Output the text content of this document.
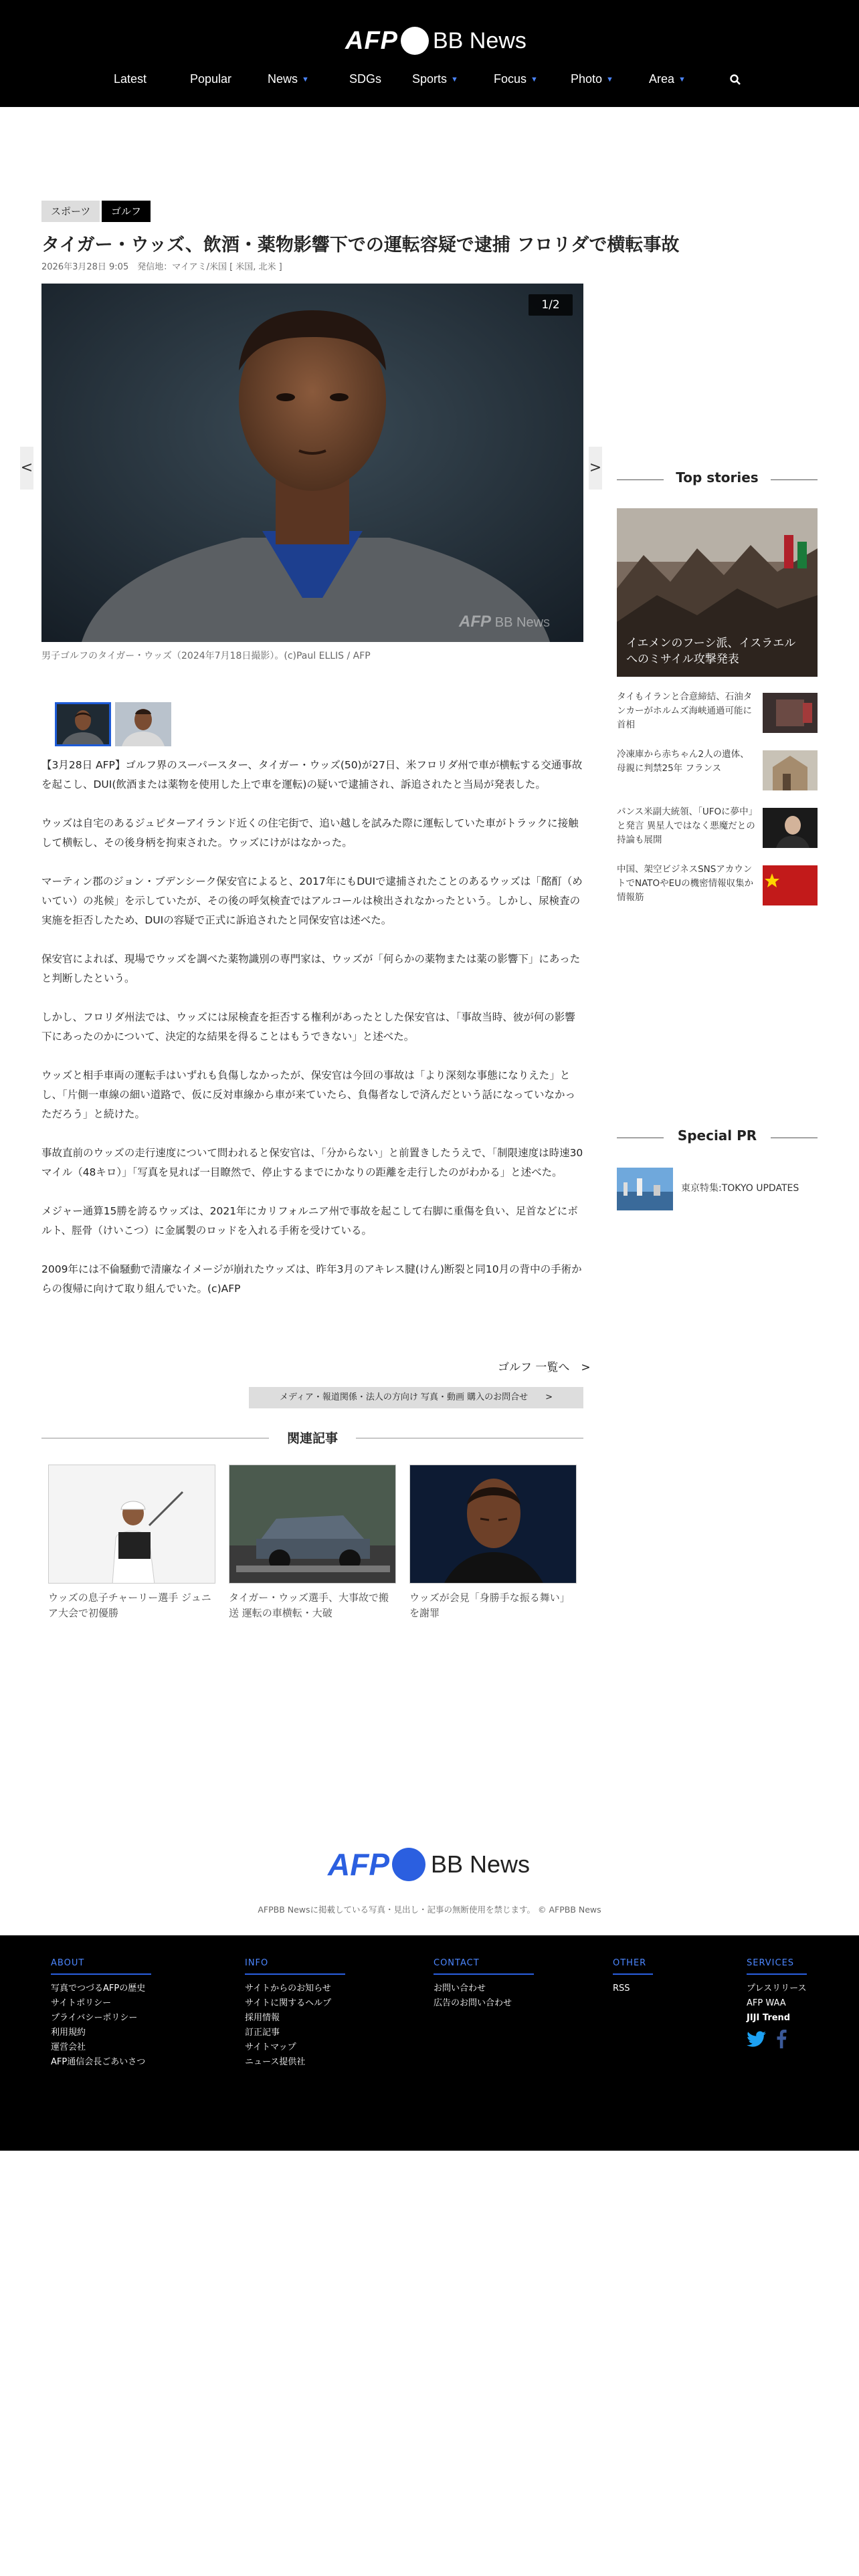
AFP BB News
Latest	Popular	News ▼	SDGs	Sports ▼	Focus ▼	Photo ▼	Area ▼
スポーツ	ゴルフ
タイガー・ウッズ、飲酒・薬物影響下での運転容疑で逮捕 フロリダで横転事故
2026年3月28日 9:05　発信地：マイアミ/米国 [ 米国, 北米 ]
1/2
AFP BB News
<	>
男子ゴルフのタイガー・ウッズ（2024年7月18日撮影）。(c)Paul ELLIS / AFP

【3月28日 AFP】ゴルフ界のスーパースター、タイガー・ウッズ(50)が27日、米フロリダ州で車が横転する交通事故を起こし、DUI(飲酒または薬物を使用した上で車を運転)の疑いで逮捕され、訴追されたと当局が発表した。

ウッズは自宅のあるジュピターアイランド近くの住宅街で、追い越しを試みた際に運転していた車がトラックに接触して横転し、その後身柄を拘束された。ウッズにけがはなかった。

マーティン郡のジョン・ブデンシーク保安官によると、2017年にもDUIで逮捕されたことのあるウッズは「酩酊（めいてい）の兆候」を示していたが、その後の呼気検査ではアルコールは検出されなかったという。しかし、尿検査の実施を拒否したため、DUIの容疑で正式に訴追されたと同保安官は述べた。

保安官によれば、現場でウッズを調べた薬物識別の専門家は、ウッズが「何らかの薬物または薬の影響下」にあったと判断したという。

しかし、フロリダ州法では、ウッズには尿検査を拒否する権利があったとした保安官は、「事故当時、彼が何の影響下にあったのかについて、決定的な結果を得ることはもうできない」と述べた。

ウッズと相手車両の運転手はいずれも負傷しなかったが、保安官は今回の事故は「より深刻な事態になりえた」とし、「片側一車線の細い道路で、仮に反対車線から車が来ていたら、負傷者なしで済んだという話になっていなかっただろう」と続けた。

事故直前のウッズの走行速度について問われると保安官は、「分からない」と前置きしたうえで、「制限速度は時速30マイル（48キロ）」「写真を見れば一目瞭然で、停止するまでにかなりの距離を走行したのがわかる」と述べた。

メジャー通算15勝を誇るウッズは、2021年にカリフォルニア州で事故を起こして右脚に重傷を負い、足首などにボルト、脛骨（けいこつ）に金属製のロッドを入れる手術を受けている。

2009年には不倫騒動で清廉なイメージが崩れたウッズは、昨年3月のアキレス腱(けん)断裂と同10月の背中の手術からの復帰に向けて取り組んでいた。(c)AFP

ゴルフ 一覧へ　>
メディア・報道関係・法人の方向け 写真・動画 購入のお問合せ　　>
関連記事
ウッズの息子チャーリー選手 ジュニア大会で初優勝
タイガー・ウッズ選手、大事故で搬送 運転の車横転・大破
ウッズが会見「身勝手な振る舞い」を謝罪
Top stories
イエメンのフーシ派、イスラエルへのミサイル攻撃発表
タイもイランと合意締結、石油タンカーがホルムズ海峡通過可能に 首相
冷凍庫から赤ちゃん2人の遺体、母親に判禁25年 フランス
パンス米副大統領、「UFOに夢中」と発言 異星人ではなく悪魔だとの持論も展開
中国、架空ビジネスSNSアカウントでNATOやEUの機密情報収集か 情報筋
Special PR
東京特集:TOKYO UPDATES
AFP BB News
AFPBB Newsに掲載している写真・見出し・記事の無断使用を禁じます。 © AFPBB News
ABOUT
写真でつづるAFPの歴史
サイトポリシー
プライバシーポリシー
利用規約
運営会社
AFP通信会長ごあいさつ
INFO
サイトからのお知らせ
サイトに関するヘルプ
採用情報
訂正記事
サイトマップ
ニュース提供社
CONTACT
お問い合わせ
広告のお問い合わせ
OTHER
RSS
SERVICES
プレスリリース
AFP WAA
JIJI Trend
